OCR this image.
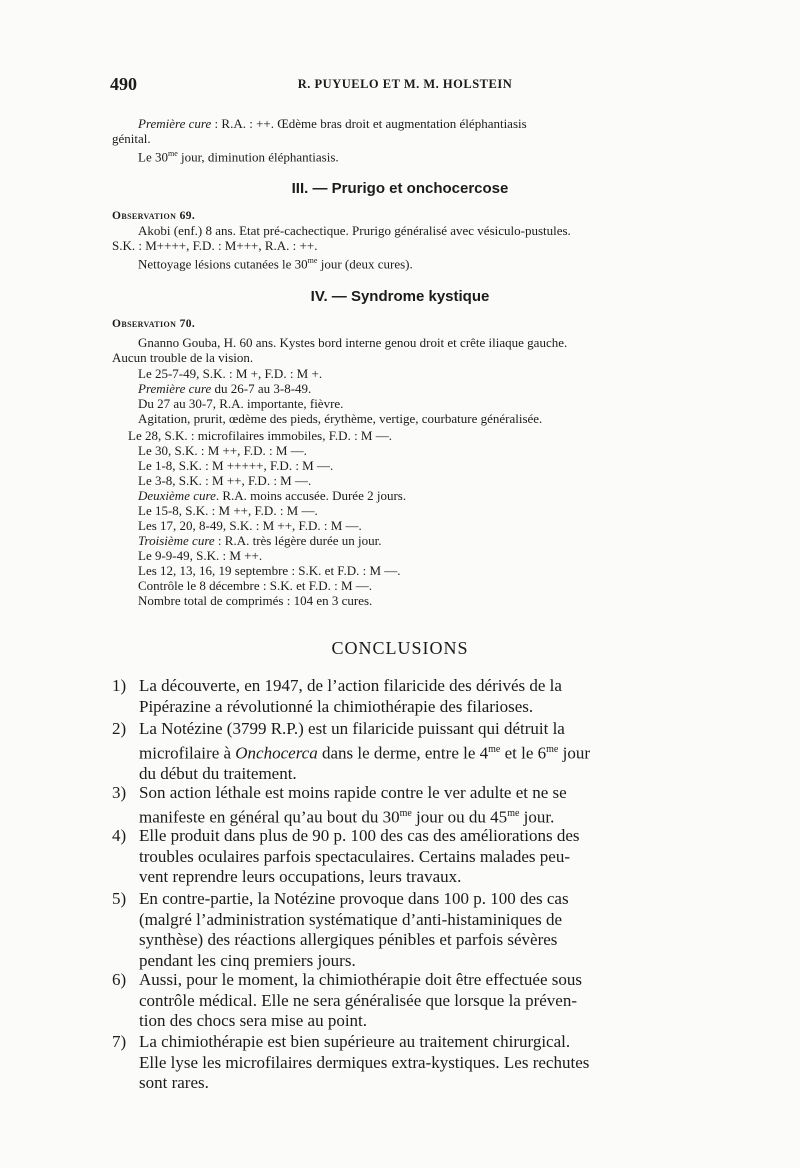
490	R. PUYUELO ET M. M. HOLSTEIN
Première cure : R.A. : ++. Œdème bras droit et augmentation éléphantiasis
génital.
Le $30^{me}$ jour, diminution éléphantiasis.
III. — Prurigo et onchocercose
Observation 69.
Akobi (enf.) 8 ans. Etat pré-cachectique. Prurigo généralisé avec vésiculo-pustules.
S.K. : M++++, F.D. : M+++, R.A. : ++.
Nettoyage lésions cutanées le $30^{me}$ jour (deux cures).
IV. — Syndrome kystique
Observation 70.
Gnanno Gouba, H. 60 ans. Kystes bord interne genou droit et crête iliaque gauche.
Aucun trouble de la vision.
Le 25-7-49, S.K. : M +, F.D. : M +.
Première cure du 26-7 au 3-8-49.
Du 27 au 30-7, R.A. importante, fièvre.
Agitation, prurit, œdème des pieds, érythème, vertige, courbature généralisée.
Le 28, S.K. : microfilaires immobiles, F.D. : M —.
Le 30, S.K. : M ++, F.D. : M —.
Le 1-8, S.K. : M +++++, F.D. : M —.
Le 3-8, S.K. : M ++, F.D. : M —.
Deuxième cure. R.A. moins accusée. Durée 2 jours.
Le 15-8, S.K. : M ++, F.D. : M —.
Les 17, 20, 8-49, S.K. : M ++, F.D. : M —.
Troisième cure : R.A. très légère durée un jour.
Le 9-9-49, S.K. : M ++.
Les 12, 13, 16, 19 septembre : S.K. et F.D. : M —.
Contrôle le 8 décembre : S.K. et F.D. : M —.
Nombre total de comprimés : 104 en 3 cures.
CONCLUSIONS
1) La découverte, en 1947, de l’action filaricide des dérivés de la
Pipérazine a révolutionné la chimiothérapie des filarioses.
2) La Notézine (3799 R.P.) est un filaricide puissant qui détruit la
microfilaire à Onchocerca dans le derme, entre le $4^{me}$ et le $6^{me}$ jour
du début du traitement.
3) Son action léthale est moins rapide contre le ver adulte et ne se
manifeste en général qu’au bout du $30^{me}$ jour ou du $45^{me}$ jour.
4) Elle produit dans plus de 90 p. 100 des cas des améliorations des
troubles oculaires parfois spectaculaires. Certains malades peu-
vent reprendre leurs occupations, leurs travaux.
5) En contre-partie, la Notézine provoque dans 100 p. 100 des cas
(malgré l’administration systématique d’anti-histaminiques de
synthèse) des réactions allergiques pénibles et parfois sévères
pendant les cinq premiers jours.
6) Aussi, pour le moment, la chimiothérapie doit être effectuée sous
contrôle médical. Elle ne sera généralisée que lorsque la préven-
tion des chocs sera mise au point.
7) La chimiothérapie est bien supérieure au traitement chirurgical.
Elle lyse les microfilaires dermiques extra-kystiques. Les rechutes
sont rares.
